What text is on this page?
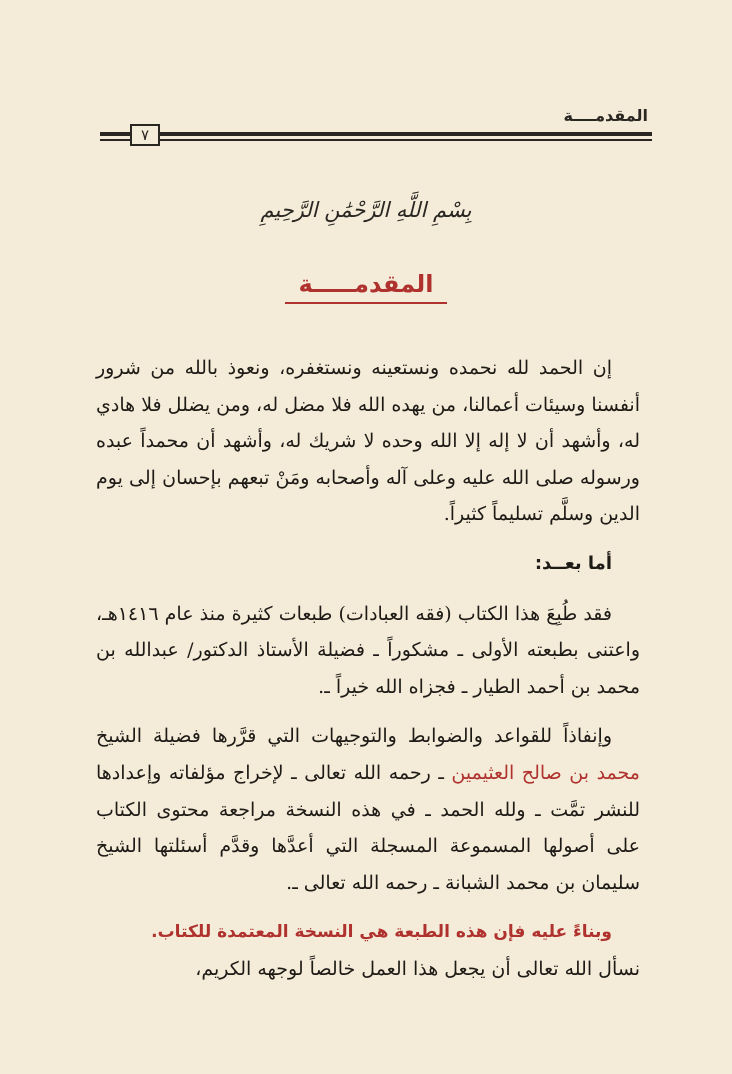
المقدمــــة
٧
بِسْمِ اللَّهِ الرَّحْمَٰنِ الرَّحِيمِ
المقدمـــــة

إن الحمد لله نحمده ونستعينه ونستغفره، ونعوذ بالله من شرور أنفسنا وسيئات أعمالنا، من يهده الله فلا مضل له، ومن يضلل فلا هادي له، وأشهد أن لا إله إلا الله وحده لا شريك له، وأشهد أن محمداً عبده ورسوله صلى الله عليه وعلى آله وأصحابه ومَنْ تبعهم بإحسان إلى يوم الدين وسلَّم تسليماً كثيراً.

أما بعــد:

فقد طُبِعَ هذا الكتاب (فقه العبادات) طبعات كثيرة منذ عام ١٤١٦هـ، واعتنى بطبعته الأولى ـ مشكوراً ـ فضيلة الأستاذ الدكتور/ عبدالله بن محمد بن أحمد الطيار ـ فجزاه الله خيراً ـ.

وإنفاذاً للقواعد والضوابط والتوجيهات التي قرَّرها فضيلة الشيخ محمد بن صالح العثيمين ـ رحمه الله تعالى ـ لإخراج مؤلفاته وإعدادها للنشر تمَّت ـ ولله الحمد ـ في هذه النسخة مراجعة محتوى الكتاب على أصولها المسموعة المسجلة التي أعدَّها وقدَّم أسئلتها الشيخ سليمان بن محمد الشبانة ـ رحمه الله تعالى ـ.

وبناءً عليه فإن هذه الطبعة هي النسخة المعتمدة للكتاب.

نسأل الله تعالى أن يجعل هذا العمل خالصاً لوجهه الكريم،
